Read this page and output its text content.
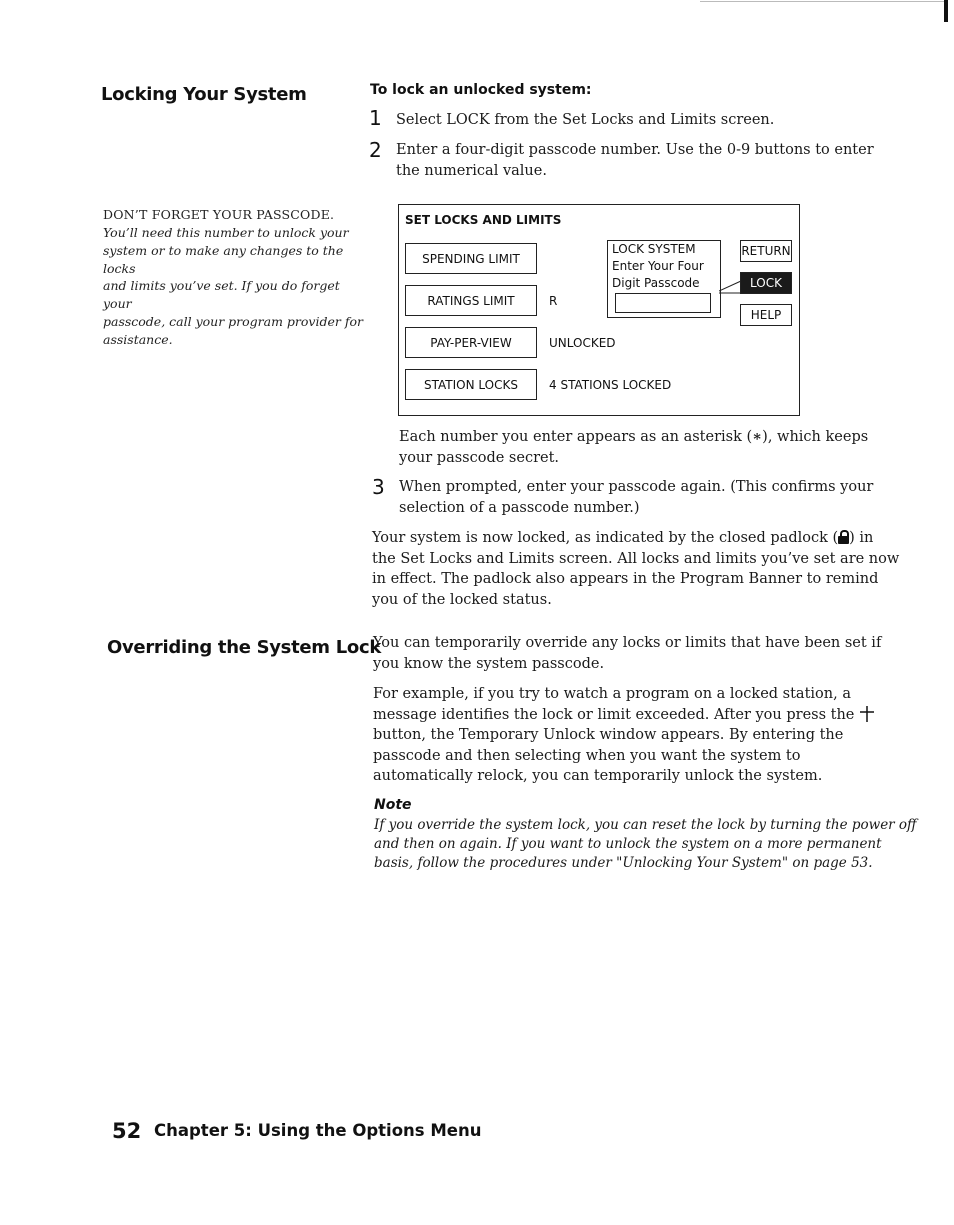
Locking Your System
DON’T FORGET YOUR PASSCODE.
You’ll need this number to unlock your
system or to make any changes to the locks
and limits you’ve set. If you do forget your
passcode, call your program provider for
assistance.
To lock an unlocked system:
1 Select LOCK from the Set Locks and Limits screen.
2 Enter a four-digit passcode number. Use the 0-9 buttons to enter
the numerical value.
SET LOCKS AND LIMITS
SPENDING LIMIT
RATINGS LIMIT	R
PAY-PER-VIEW	UNLOCKED
STATION LOCKS	4 STATIONS LOCKED
LOCK SYSTEM
Enter Your Four
Digit Passcode
RETURN
LOCK
HELP
Each number you enter appears as an asterisk (∗), which keeps
your passcode secret.
3 When prompted, enter your passcode again. (This confirms your
selection of a passcode number.)
Your system is now locked, as indicated by the closed padlock ( ) in
the Set Locks and Limits screen. All locks and limits you’ve set are now
in effect. The padlock also appears in the Program Banner to remind
you of the locked status.
Overriding the System Lock
You can temporarily override any locks or limits that have been set if
you know the system passcode.
For example, if you try to watch a program on a locked station, a
message identifies the lock or limit exceeded. After you press the
button, the Temporary Unlock window appears. By entering the
passcode and then selecting when you want the system to
automatically relock, you can temporarily unlock the system.
Note
If you override the system lock, you can reset the lock by turning the power off
and then on again. If you want to unlock the system on a more permanent
basis, follow the procedures under "Unlocking Your System" on page 53.
52 Chapter 5: Using the Options Menu
